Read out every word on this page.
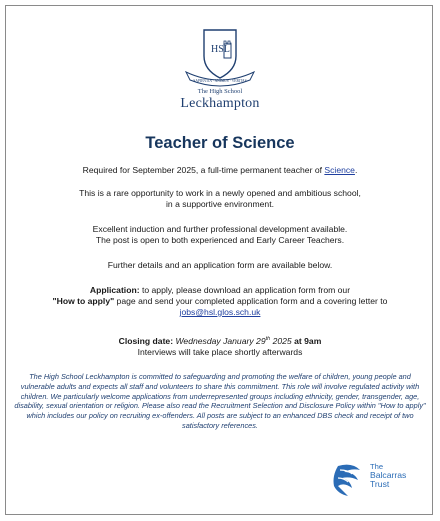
HSL
SAPIENTIA · ANIMUS · VERITAS
The High School
Leckhampton
Teacher of Science
Required for September 2025, a full-time permanent teacher of Science.
This is a rare opportunity to work in a newly opened and ambitious school,
in a supportive environment.
Excellent induction and further professional development available.
The post is open to both experienced and Early Career Teachers.
Further details and an application form are available below.
Application: to apply, please download an application form from our
"How to apply" page and send your completed application form and a covering letter to
jobs@hsl.glos.sch.uk
Closing date: Wednesday January 29th 2025 at 9am
Interviews will take place shortly afterwards
The High School Leckhampton is committed to safeguarding and promoting the welfare of children, young people and vulnerable adults and expects all staff and volunteers to share this commitment. This role will involve regulated activity with children. We particularly welcome applications from underrepresented groups including ethnicity, gender, transgender, age, disability, sexual orientation or religion. Please also read the Recruitment Selection and Disclosure Policy within "How to apply" which includes our policy on recruiting ex-offenders. All posts are subject to an enhanced DBS check and receipt of two satisfactory references.
The
Balcarras
Trust
